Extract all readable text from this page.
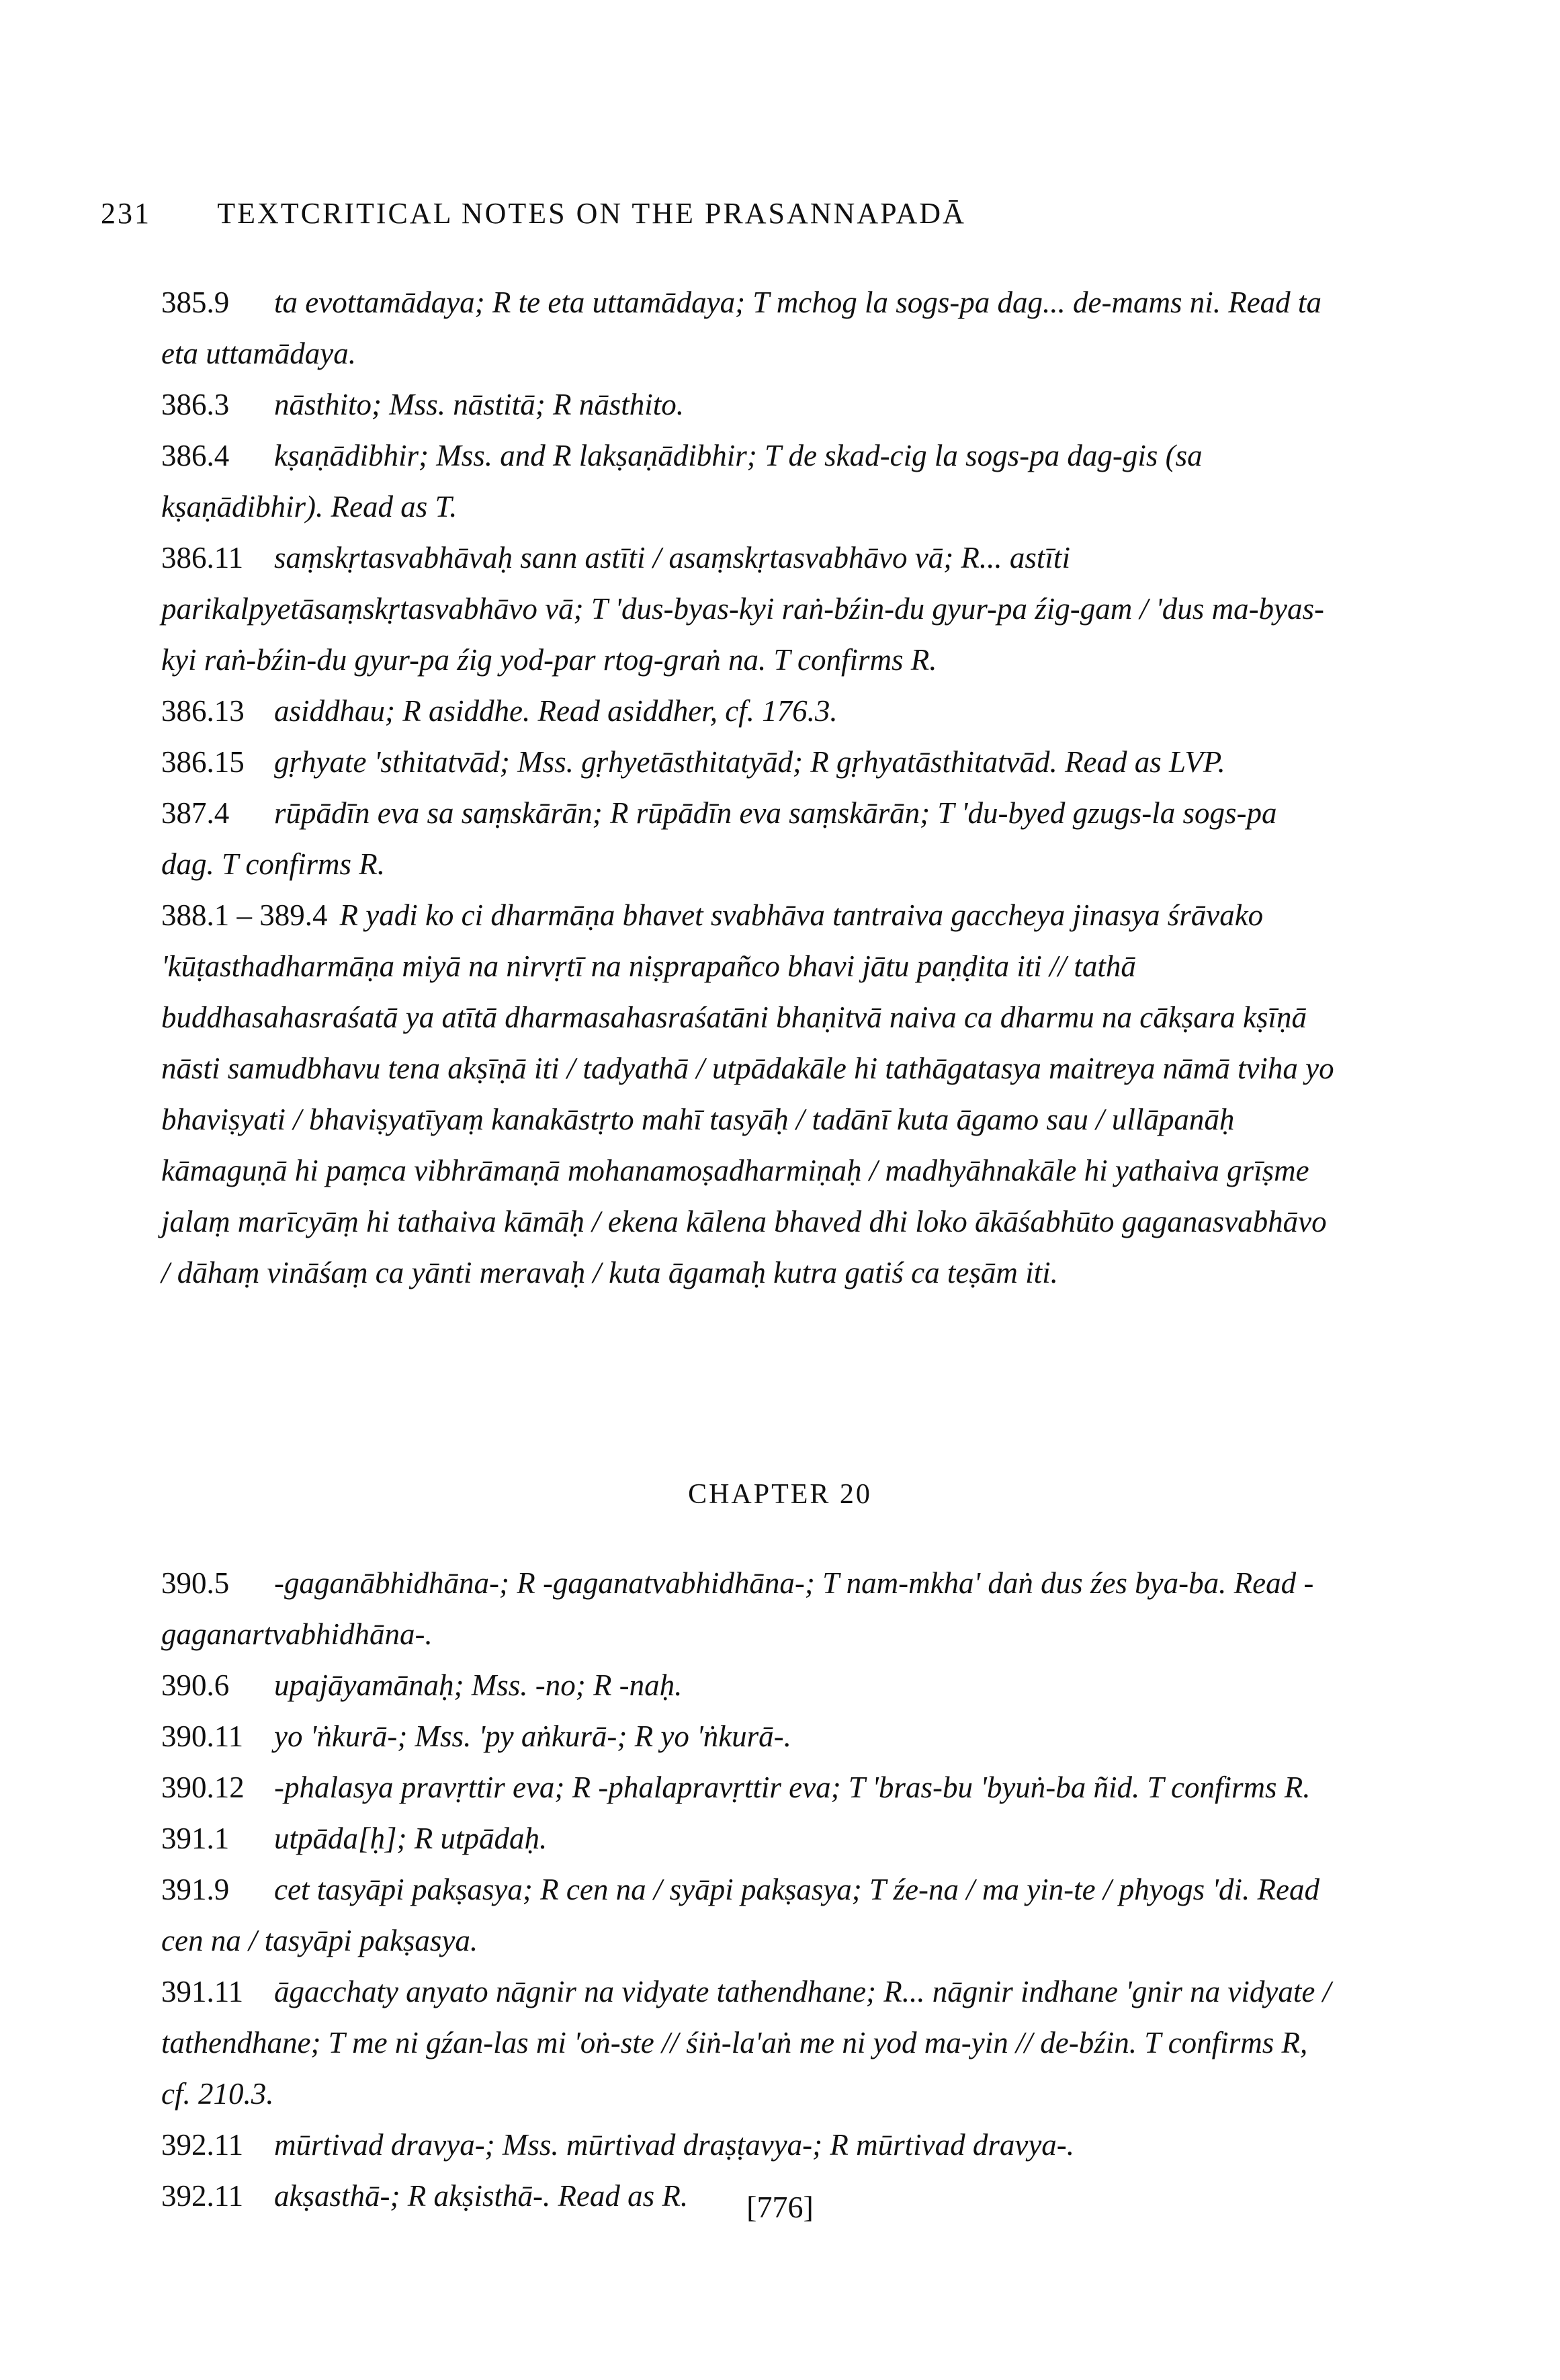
231 TEXTCRITICAL NOTES ON THE PRASANNAPADĀ

385.9 ta evottamādaya; R te eta uttamādaya; T mchog la sogs-pa dag... de-mams ni. Read ta eta uttamādaya.

386.3 nāsthito; Mss. nāstitā; R nāsthito.

386.4 kṣaṇādibhir; Mss. and R lakṣaṇādibhir; T de skad-cig la sogs-pa dag-gis (sa kṣaṇādibhir). Read as T.

386.11 saṃskṛtasvabhāvaḥ sann astīti / asaṃskṛtasvabhāvo vā; R... astīti parikalpyetāsaṃskṛtasvabhāvo vā; T 'dus-byas-kyi raṅ-bźin-du gyur-pa źig-gam / 'dus ma-byas-kyi raṅ-bźin-du gyur-pa źig yod-par rtog-graṅ na. T confirms R.

386.13 asiddhau; R asiddhe. Read asiddher, cf. 176.3.

386.15 gṛhyate 'sthitatvād; Mss. gṛhyetāsthitatyād; R gṛhyatāsthitatvād. Read as LVP.

387.4 rūpādīn eva sa saṃskārān; R rūpādīn eva saṃskārān; T 'du-byed gzugs-la sogs-pa dag. T confirms R.

388.1 – 389.4 R yadi ko ci dharmāṇa bhavet svabhāva tantraiva gaccheya jinasya śrāvako 'kūṭasthadharmāṇa miyā na nirvṛtī na niṣprapañco bhavi jātu paṇḍita iti // tathā buddhasahasraśatā ya atītā dharmasahasraśatāni bhaṇitvā naiva ca dharmu na cākṣara kṣīṇā nāsti samudbhavu tena akṣīṇā iti / tadyathā / utpādakāle hi tathāgatasya maitreya nāmā tviha yo bhaviṣyati / bhaviṣyatīyaṃ kanakāstṛto mahī tasyāḥ / tadānī kuta āgamo sau / ullāpanāḥ kāmaguṇā hi paṃca vibhrāmaṇā mohanamoṣadharmiṇaḥ / madhyāhnakāle hi yathaiva grīṣme jalaṃ marīcyāṃ hi tathaiva kāmāḥ / ekena kālena bhaved dhi loko ākāśabhūto gaganasvabhāvo / dāhaṃ vināśaṃ ca yānti meravaḥ / kuta āgamaḥ kutra gatiś ca teṣām iti.

CHAPTER 20

390.5 -gaganābhidhāna-; R -gaganatvabhidhāna-; T nam-mkha' daṅ dus źes bya-ba. Read -gaganartvabhidhāna-.

390.6 upajāyamānaḥ; Mss. -no; R -naḥ.

390.11 yo 'ṅkurā-; Mss. 'py aṅkurā-; R yo 'ṅkurā-.

390.12 -phalasya pravṛttir eva; R -phalapravṛttir eva; T 'bras-bu 'byuṅ-ba ñid. T confirms R.

391.1 utpāda[ḥ]; R utpādaḥ.

391.9 cet tasyāpi pakṣasya; R cen na / syāpi pakṣasya; T źe-na / ma yin-te / phyogs 'di. Read cen na / tasyāpi pakṣasya.

391.11 āgacchaty anyato nāgnir na vidyate tathendhane; R... nāgnir indhane 'gnir na vidyate / tathendhane; T me ni gźan-las mi 'oṅ-ste // śiṅ-la'aṅ me ni yod ma-yin // de-bźin. T confirms R, cf. 210.3.

392.11 mūrtivad dravya-; Mss. mūrtivad draṣṭavya-; R mūrtivad dravya-.

392.11 akṣasthā-; R akṣisthā-. Read as R.	[776]
